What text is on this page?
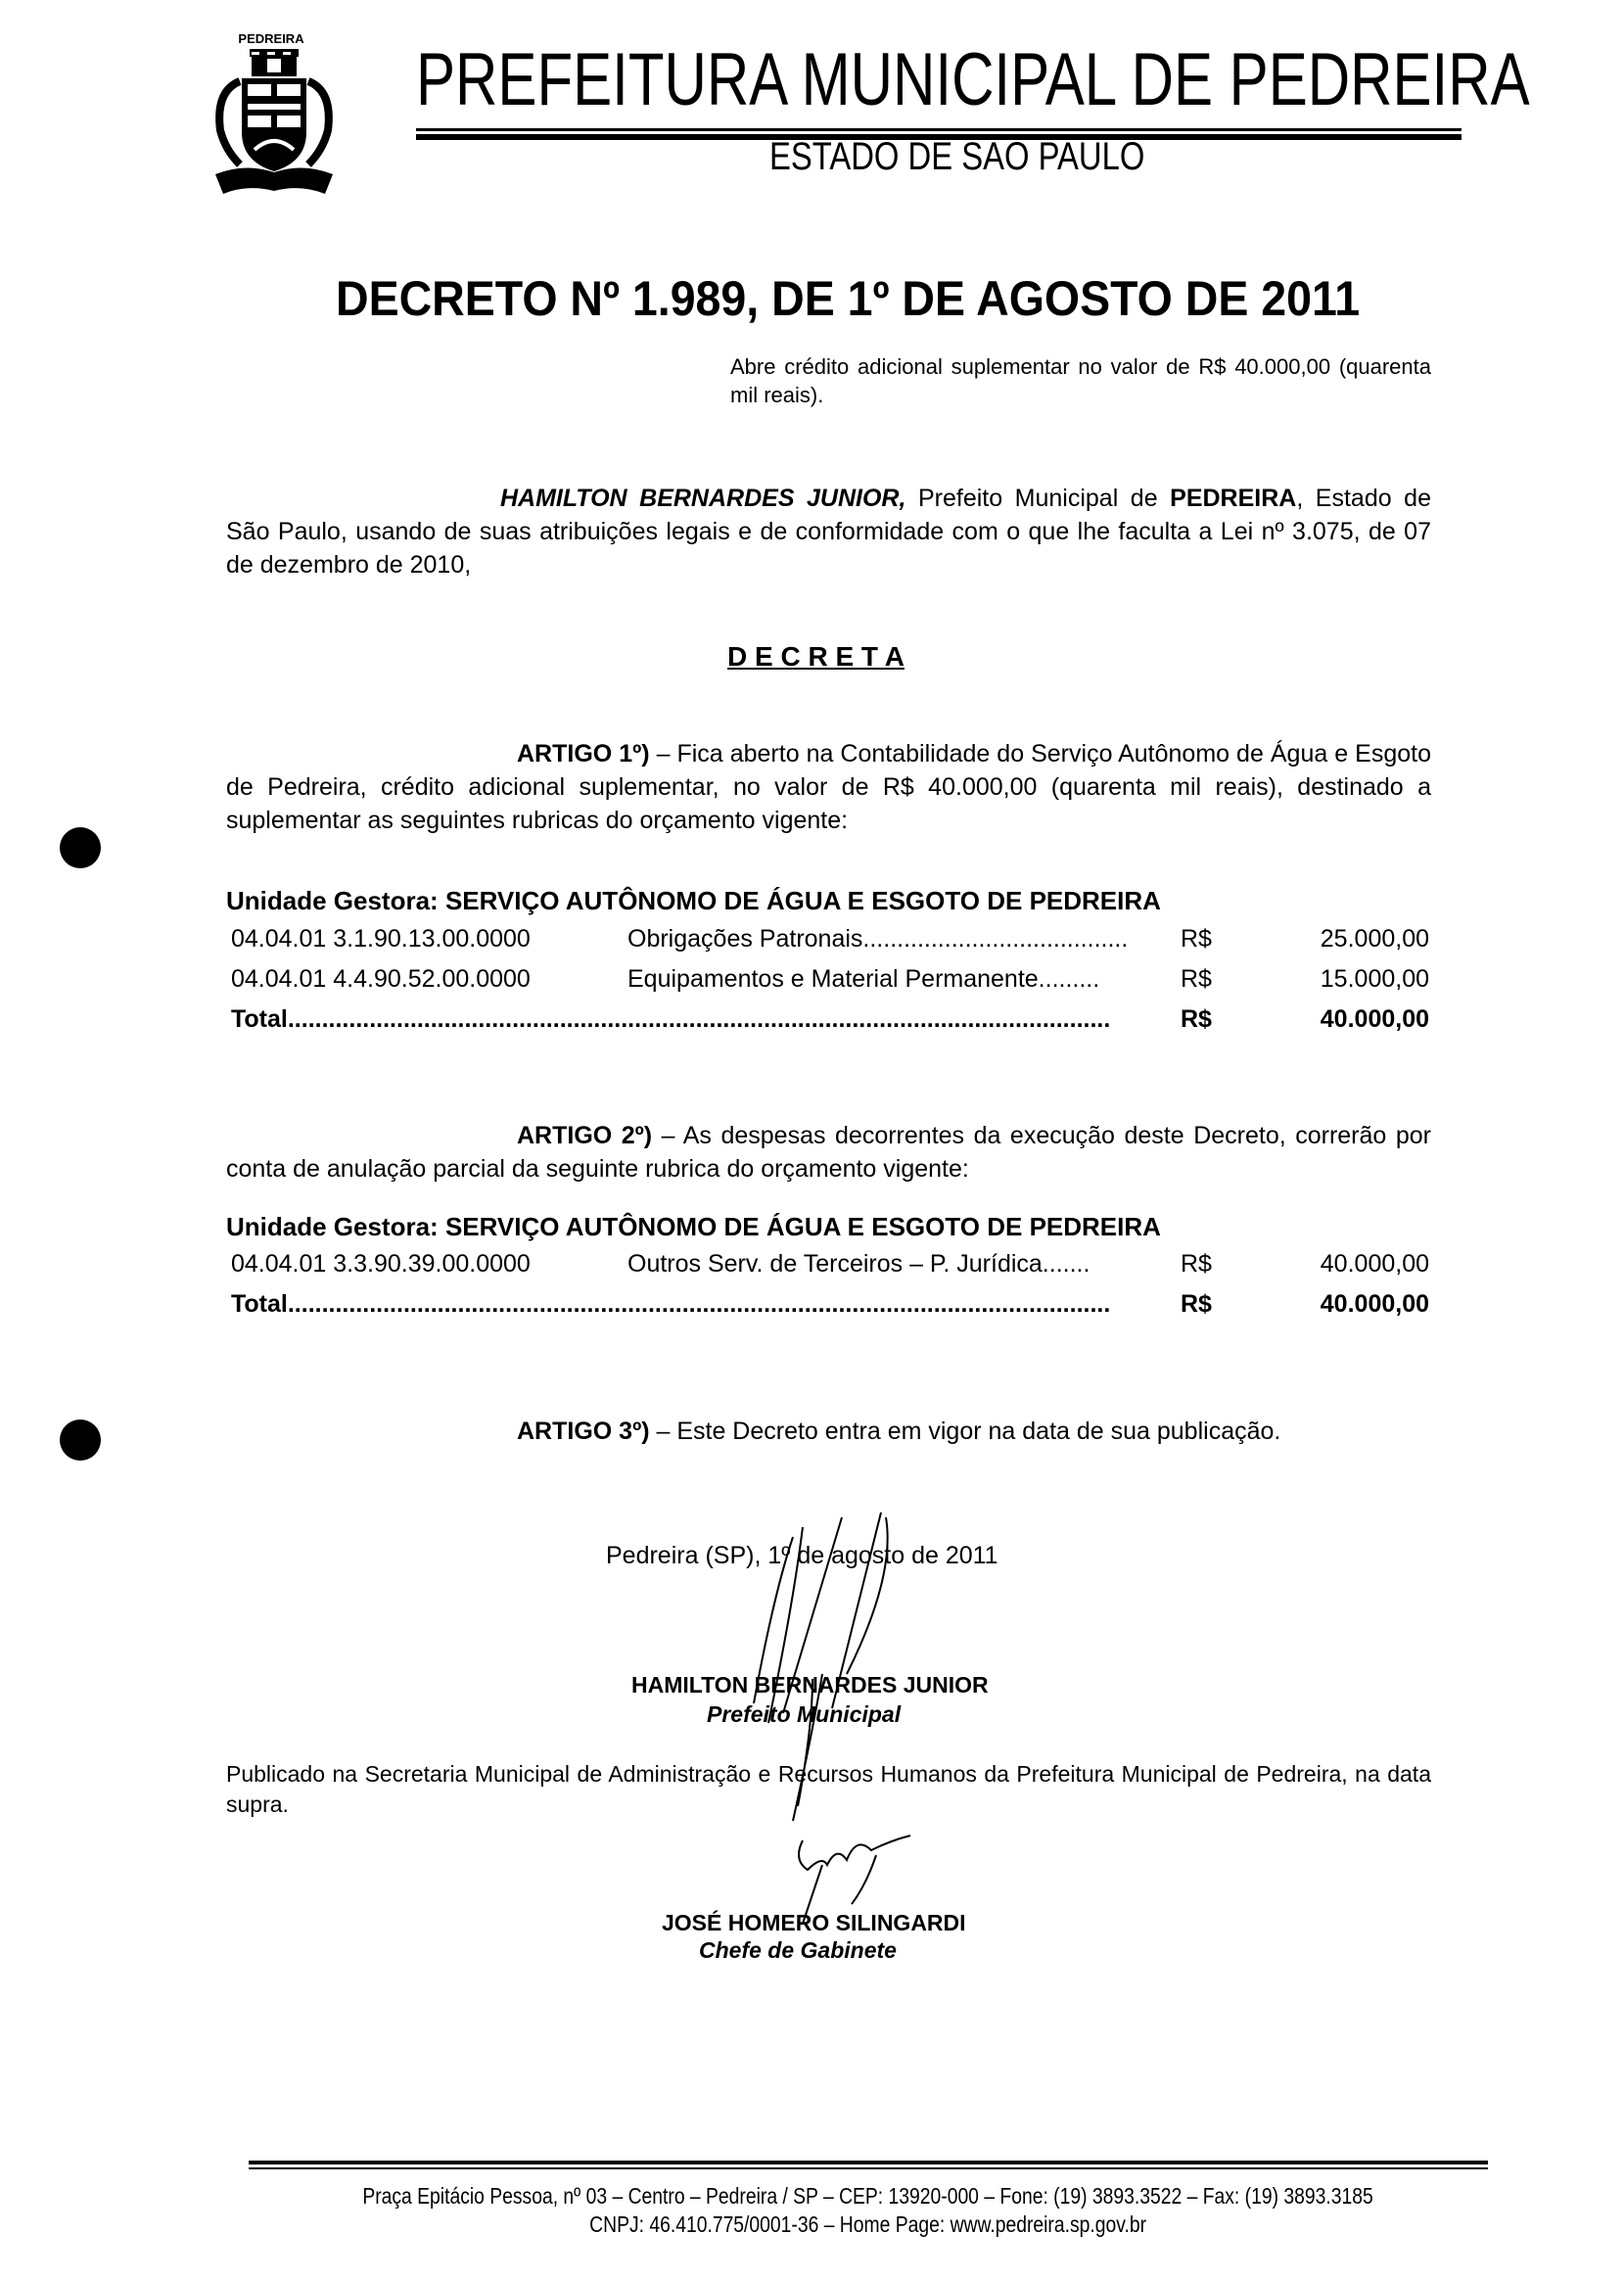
PEDREIRA PREFEITURA MUNICIPAL DE PEDREIRA
ESTADO DE SÃO PAULO
DECRETO Nº 1.989, DE 1º DE AGOSTO DE 2011
Abre crédito adicional suplementar no valor de R$ 40.000,00 (quarenta mil reais).
HAMILTON BERNARDES JUNIOR, Prefeito Municipal de PEDREIRA, Estado de São Paulo, usando de suas atribuições legais e de conformidade com o que lhe faculta a Lei nº 3.075, de 07 de dezembro de 2010,
D E C R E T A
ARTIGO 1º) – Fica aberto na Contabilidade do Serviço Autônomo de Água e Esgoto de Pedreira, crédito adicional suplementar, no valor de R$ 40.000,00 (quarenta mil reais), destinado a suplementar as seguintes rubricas do orçamento vigente:
Unidade Gestora: SERVIÇO AUTÔNOMO DE ÁGUA E ESGOTO DE PEDREIRA
04.04.01 3.1.90.13.00.0000	Obrigações Patronais.......................................	R$	25.000,00
04.04.01 4.4.90.52.00.0000	Equipamentos e Material Permanente.........	R$	15.000,00
Total.........................................................................................................................	R$	40.000,00
ARTIGO 2º) – As despesas decorrentes da execução deste Decreto, correrão por conta de anulação parcial da seguinte rubrica do orçamento vigente:
Unidade Gestora: SERVIÇO AUTÔNOMO DE ÁGUA E ESGOTO DE PEDREIRA
04.04.01 3.3.90.39.00.0000	Outros Serv. de Terceiros – P. Jurídica.......	R$	40.000,00
Total.........................................................................................................................	R$	40.000,00
ARTIGO 3º) – Este Decreto entra em vigor na data de sua publicação.
Pedreira (SP), 1º de agosto de 2011
HAMILTON BERNARDES JUNIOR
Prefeito Municipal
Publicado na Secretaria Municipal de Administração e Recursos Humanos da Prefeitura Municipal de Pedreira, na data supra.
JOSÉ HOMERO SILINGARDI
Chefe de Gabinete
Praça Epitácio Pessoa, nº 03 – Centro – Pedreira / SP – CEP: 13920-000 – Fone: (19) 3893.3522 – Fax: (19) 3893.3185
CNPJ: 46.410.775/0001-36 – Home Page: www.pedreira.sp.gov.br
